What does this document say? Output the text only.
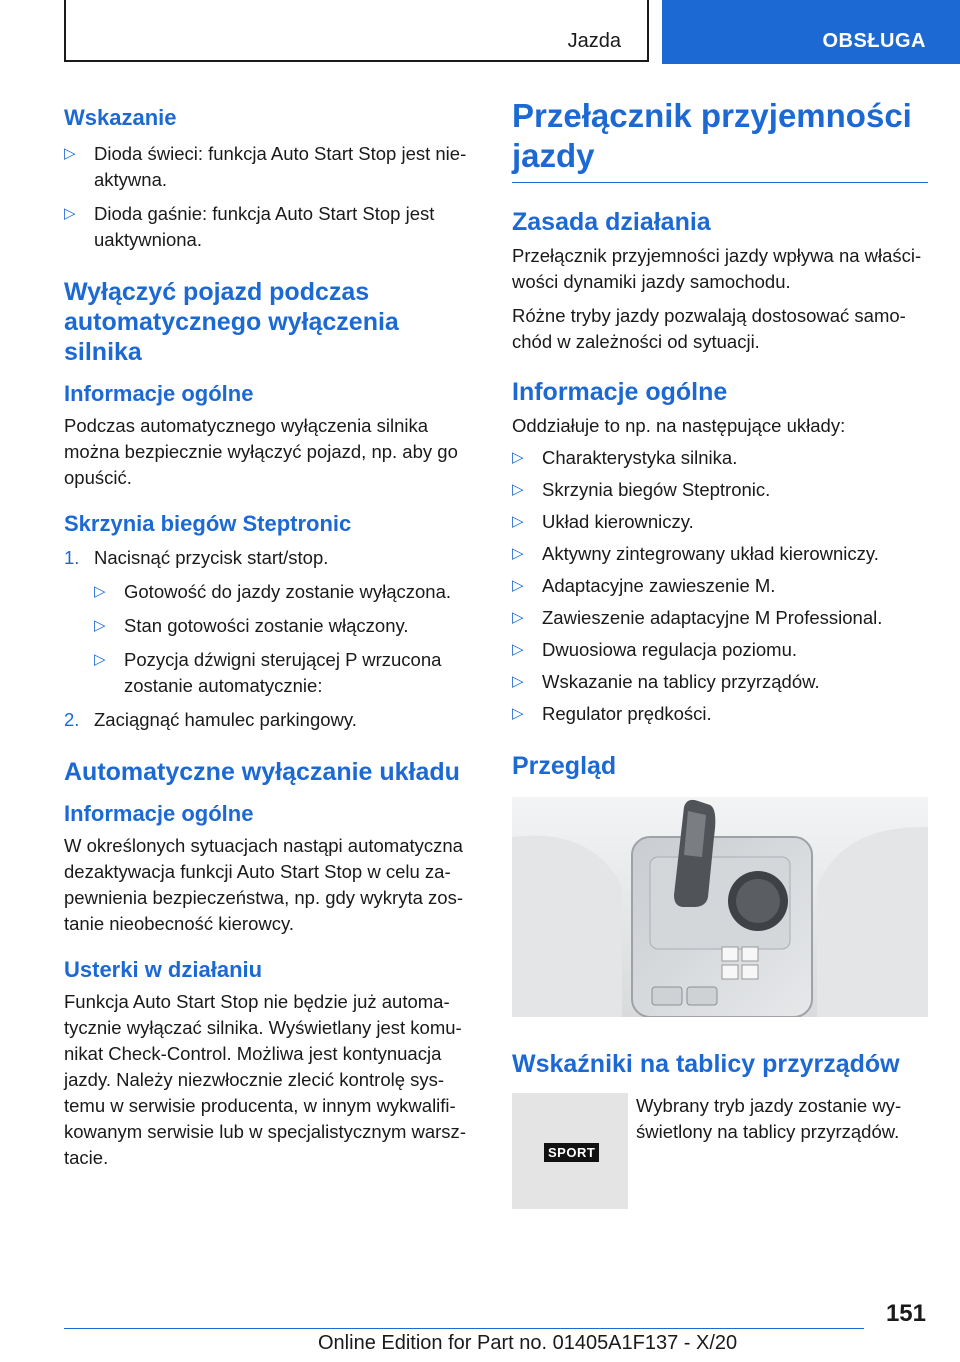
Jazda	OBSŁUGA
Wskazanie
▷ Dioda świeci: funkcja Auto Start Stop jest nieaktywna.
▷ Dioda gaśnie: funkcja Auto Start Stop jest uaktywniona.
Wyłączyć pojazd podczas automatycznego wyłączenia silnika
Informacje ogólne

Podczas automatycznego wyłączenia silnika można bezpiecznie wyłączyć pojazd, np. aby go opuścić.

Skrzynia biegów Steptronic
1. Nacisnąć przycisk start/stop.
▷ Gotowość do jazdy zostanie wyłączona.
▷ Stan gotowości zostanie włączony.
▷ Pozycja dźwigni sterującej P wrzucona zostanie automatycznie:
2. Zaciągnąć hamulec parkingowy.
Automatyczne wyłączanie układu
Informacje ogólne

W określonych sytuacjach nastąpi automatyczna dezaktywacja funkcji Auto Start Stop w celu zapewnienia bezpieczeństwa, np. gdy wykryta zostanie nieobecność kierowcy.

Usterki w działaniu

Funkcja Auto Start Stop nie będzie już automatycznie wyłączać silnika. Wyświetlany jest komunikat Check-Control. Możliwa jest kontynuacja jazdy. Należy niezwłocznie zlecić kontrolę systemu w serwisie producenta, w innym wykwalifikowanym serwisie lub w specjalistycznym warsztacie.

Przełącznik przyjemności jazdy
Zasada działania

Przełącznik przyjemności jazdy wpływa na właściwości dynamiki jazdy samochodu.

Różne tryby jazdy pozwalają dostosować samochód w zależności od sytuacji.

Informacje ogólne

Oddziałuje to np. na następujące układy:

▷ Charakterystyka silnika.
▷ Skrzynia biegów Steptronic.
▷ Układ kierowniczy.
▷ Aktywny zintegrowany układ kierowniczy.
▷ Adaptacyjne zawieszenie M.
▷ Zawieszenie adaptacyjne M Professional.
▷ Dwuosiowa regulacja poziomu.
▷ Wskazanie na tablicy przyrządów.
▷ Regulator prędkości.
Przegląd
Wskaźniki na tablicy przyrządów
SPORT
Wybrany tryb jazdy zostanie wyświetlony na tablicy przyrządów.
151
Online Edition for Part no. 01405A1F137 - X/20
